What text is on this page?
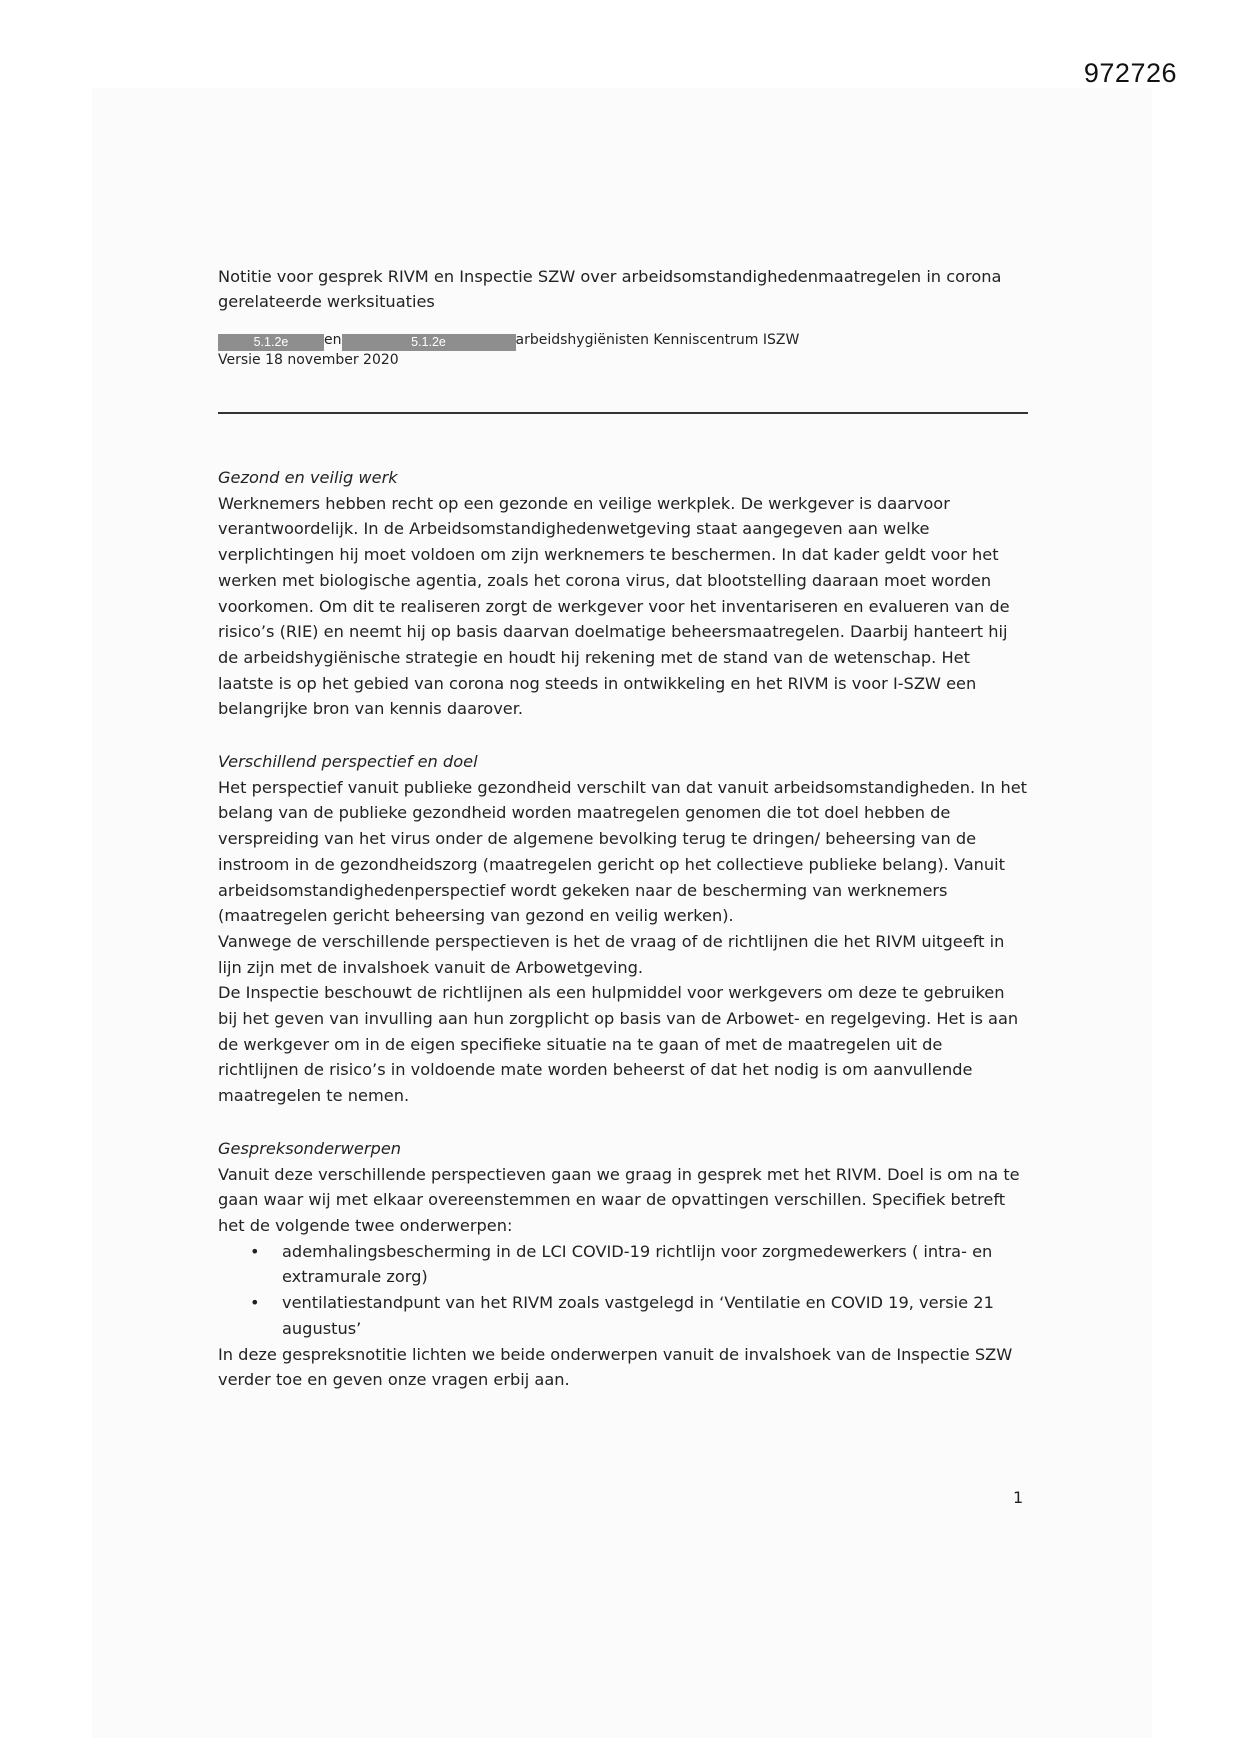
972726
Notitie voor gesprek RIVM en Inspectie SZW over arbeidsomstandighedenmaatregelen in corona gerelateerde werksituaties
5.1.2e	en	5.1.2e	arbeidshygiënisten Kenniscentrum ISZW
Versie 18 november 2020
Gezond en veilig werk

Werknemers hebben recht op een gezonde en veilige werkplek. De werkgever is daarvoor verantwoordelijk. In de Arbeidsomstandighedenwetgeving staat aangegeven aan welke verplichtingen hij moet voldoen om zijn werknemers te beschermen. In dat kader geldt voor het werken met biologische agentia, zoals het corona virus, dat blootstelling daaraan moet worden voorkomen. Om dit te realiseren zorgt de werkgever voor het inventariseren en evalueren van de risico’s (RIE) en neemt hij op basis daarvan doelmatige beheersmaatregelen. Daarbij hanteert hij de arbeidshygiënische strategie en houdt hij rekening met de stand van de wetenschap. Het laatste is op het gebied van corona nog steeds in ontwikkeling en het RIVM is voor I-SZW een belangrijke bron van kennis daarover.

Verschillend perspectief en doel

Het perspectief vanuit publieke gezondheid verschilt van dat vanuit arbeidsomstandigheden. In het belang van de publieke gezondheid worden maatregelen genomen die tot doel hebben de verspreiding van het virus onder de algemene bevolking terug te dringen/ beheersing van de instroom in de gezondheidszorg (maatregelen gericht op het collectieve publieke belang). Vanuit arbeidsomstandighedenperspectief wordt gekeken naar de bescherming van werknemers (maatregelen gericht beheersing van gezond en veilig werken).

Vanwege de verschillende perspectieven is het de vraag of de richtlijnen die het RIVM uitgeeft in lijn zijn met de invalshoek vanuit de Arbowetgeving.

De Inspectie beschouwt de richtlijnen als een hulpmiddel voor werkgevers om deze te gebruiken bij het geven van invulling aan hun zorgplicht op basis van de Arbowet- en regelgeving. Het is aan de werkgever om in de eigen specifieke situatie na te gaan of met de maatregelen uit de richtlijnen de risico’s in voldoende mate worden beheerst of dat het nodig is om aanvullende maatregelen te nemen.

Gespreksonderwerpen

Vanuit deze verschillende perspectieven gaan we graag in gesprek met het RIVM. Doel is om na te gaan waar wij met elkaar overeenstemmen en waar de opvattingen verschillen. Specifiek betreft het de volgende twee onderwerpen:

• ademhalingsbescherming in de LCI COVID-19 richtlijn voor zorgmedewerkers ( intra- en extramurale zorg)
• ventilatiestandpunt van het RIVM zoals vastgelegd in ‘Ventilatie en COVID 19, versie 21 augustus’

In deze gespreksnotitie lichten we beide onderwerpen vanuit de invalshoek van de Inspectie SZW verder toe en geven onze vragen erbij aan.

1
